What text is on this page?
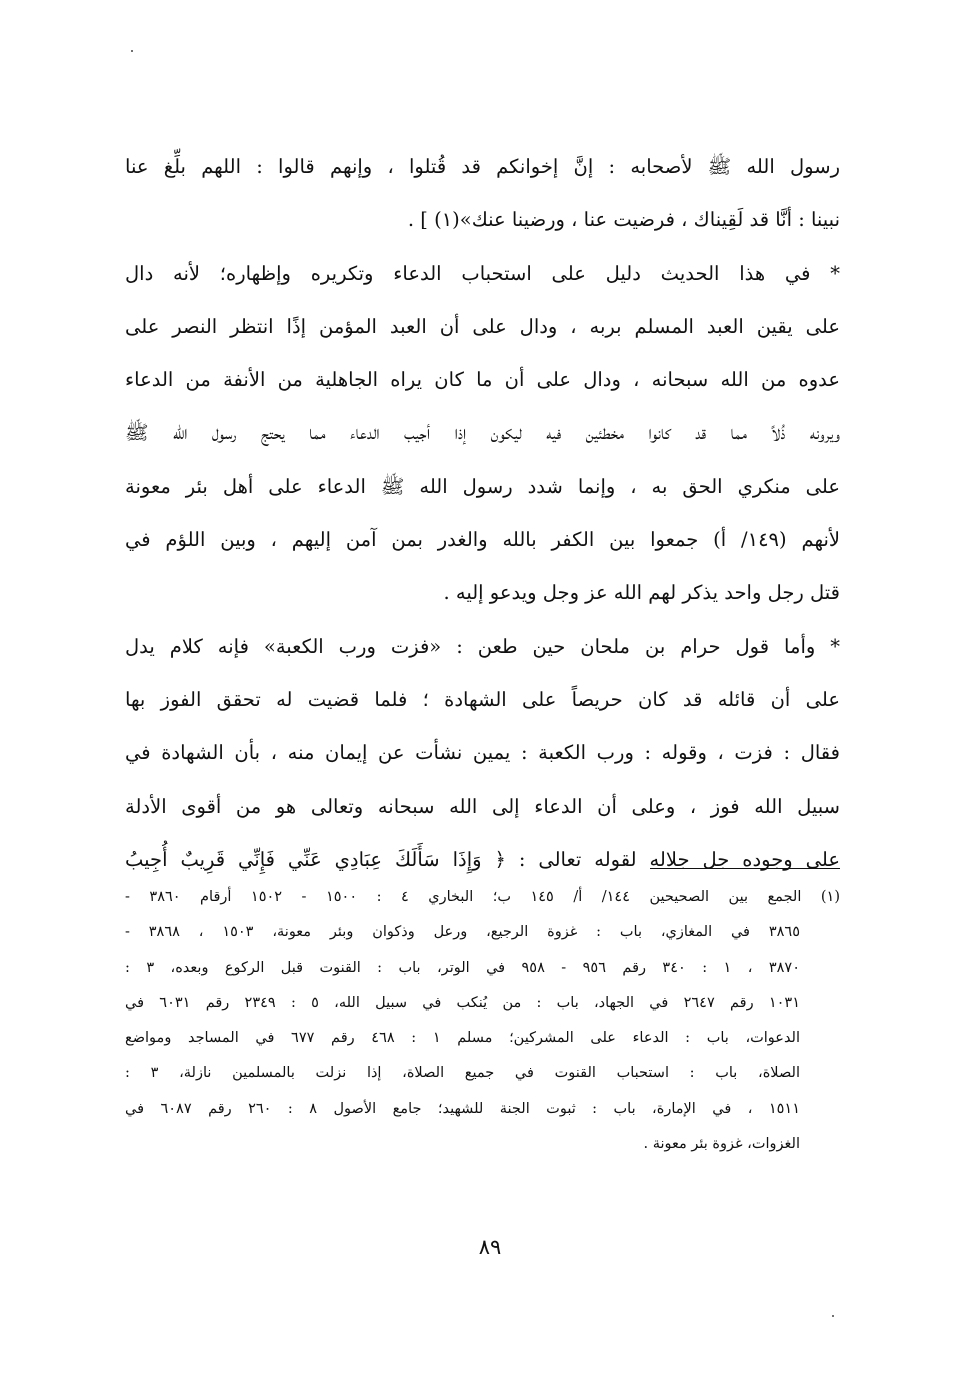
رسول الله ﷺ لأصحابه : إنَّ إخوانكم قد قُتلوا ، وإنهم قالوا : اللهم بلِّغ عنا
نبينا : أنَّا قد لَقِيناك ، فرضيت عنا ، ورضينا عنك»(١) ] .
* في هذا الحديث دليل على استحباب الدعاء وتكريره وإظهاره؛ لأنه دال
على يقين العبد المسلم بربه ، ودال على أن العبد المؤمن إذًا انتظر النصر على
عدوه من الله سبحانه ، ودال على أن ما كان يراه الجاهلية من الأنفة من الدعاء
ويرونه ذُلاً مما قد كانوا مخطئين فيه ليكون إذا أجيب الدعاء مما يحتج رسول الله ﷺ
على منكري الحق به ، وإنما شدد رسول الله ﷺ الدعاء على أهل بئر معونة
لأنهم (١٤٩/ أ) جمعوا بين الكفر بالله والغدر بمن آمن إليهم ، وبين اللؤم في
قتل رجل واحد يذكر لهم الله عز وجل ويدعو إليه .
* وأما قول حرام بن ملحان حين طعن : «فزت ورب الكعبة» فإنه كلام يدل
على أن قائله قد كان حريصاً على الشهادة ؛ فلما قضيت له تحقق الفوز بها
فقال : فزت ، وقوله : ورب الكعبة : يمين نشأت عن إيمان منه ، بأن الشهادة في
سبيل الله فوز ، وعلى أن الدعاء إلى الله سبحانه وتعالى هو من أقوى الأدلة
على وجوده جل جلاله لقوله تعالى : ﴿ وَإِذَا سَأَلَكَ عِبَادِي عَنِّي فَإِنِّي قَرِيبٌ أُجِيبُ
(١) الجمع بين الصحيحين ١٤٤/ أ/ ١٤٥ ب؛ البخاري ٤ : ١٥٠٠ - ١٥٠٢ أرقام ٣٨٦٠ -
٣٨٦٥ في المغازي، باب : غزوة الرجيع، ورعل وذكوان وبئر معونة، ١٥٠٣ ، ٣٨٦٨ -
٣٨٧٠ ، ١ : ٣٤٠ رقم ٩٥٦ - ٩٥٨ في الوتر، باب : القنوت قبل الركوع وبعده، ٣ :
١٠٣١ رقم ٢٦٤٧ في الجهاد، باب : من يُنكب في سبيل الله، ٥ : ٢٣٤٩ رقم ٦٠٣١ في
الدعوات، باب : الدعاء على المشركين؛ مسلم ١ : ٤٦٨ رقم ٦٧٧ في المساجد ومواضع
الصلاة، باب : استحباب القنوت في جميع الصلاة، إذا نزلت بالمسلمين نازلة، ٣ :
١٥١١ ، في الإمارة، باب : ثبوت الجنة للشهيد؛ جامع الأصول ٨ : ٢٦٠ رقم ٦٠٨٧ في
الغزوات، غزوة بئر معونة .
٨٩
